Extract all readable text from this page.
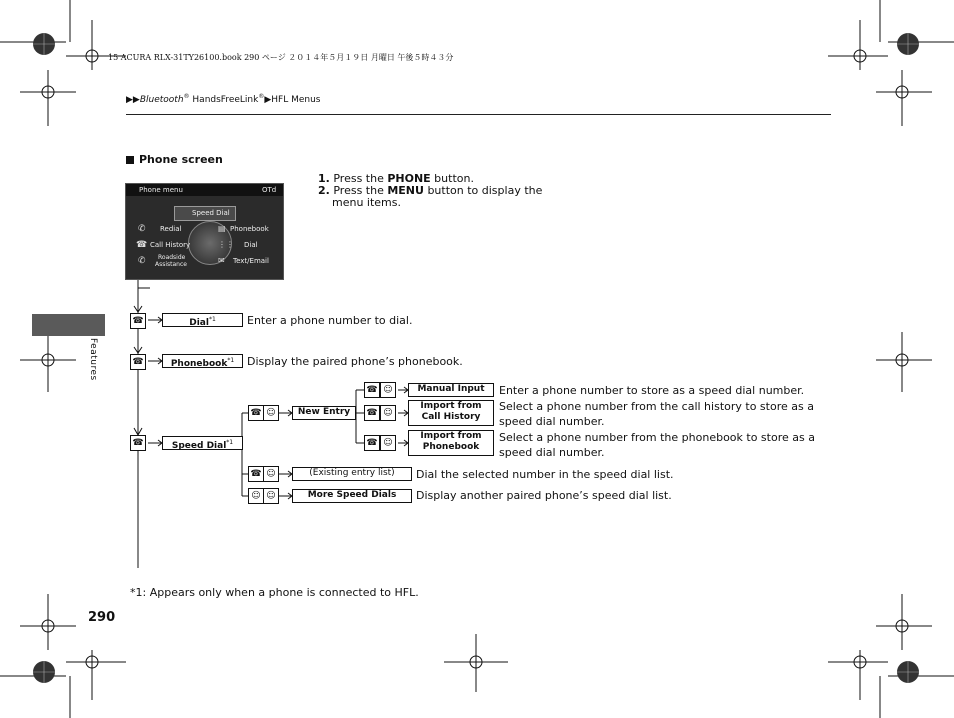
15 ACURA RLX-31TY26100.book 290 ページ ２０１４年５月１９日 月曜日 午後５時４３分
▶▶Bluetooth® HandsFreeLink®▶HFL Menus
Features
Phone screen
1. Press the PHONE button.
2. Press the MENU button to display the
menu items.
Phone menu	OTd
Speed Dial
Redial	Phonebook
Call History	Dial
Roadside
Assistance	Text/Email
✆
☎
✆
▤
⋮⋮
✉
☎
☎
☎
☎ ☺
☎ ☺
☎ ☺
☎ ☺
☎ ☺
☺ ☺
Dial$^{*1}$	Enter a phone number to dial.
Phonebook$^{*1}$	Display the paired phone’s phonebook.
Speed Dial$^{*1}$
New Entry
Manual Input	Enter a phone number to store as a speed dial number.
Import from
Call History
Select a phone number from the call history to store as a
speed dial number.
Import from
Phonebook
Select a phone number from the phonebook to store as a
speed dial number.
(Existing entry list)	Dial the selected number in the speed dial list.
More Speed Dials	Display another paired phone’s speed dial list.
*1: Appears only when a phone is connected to HFL.
290
